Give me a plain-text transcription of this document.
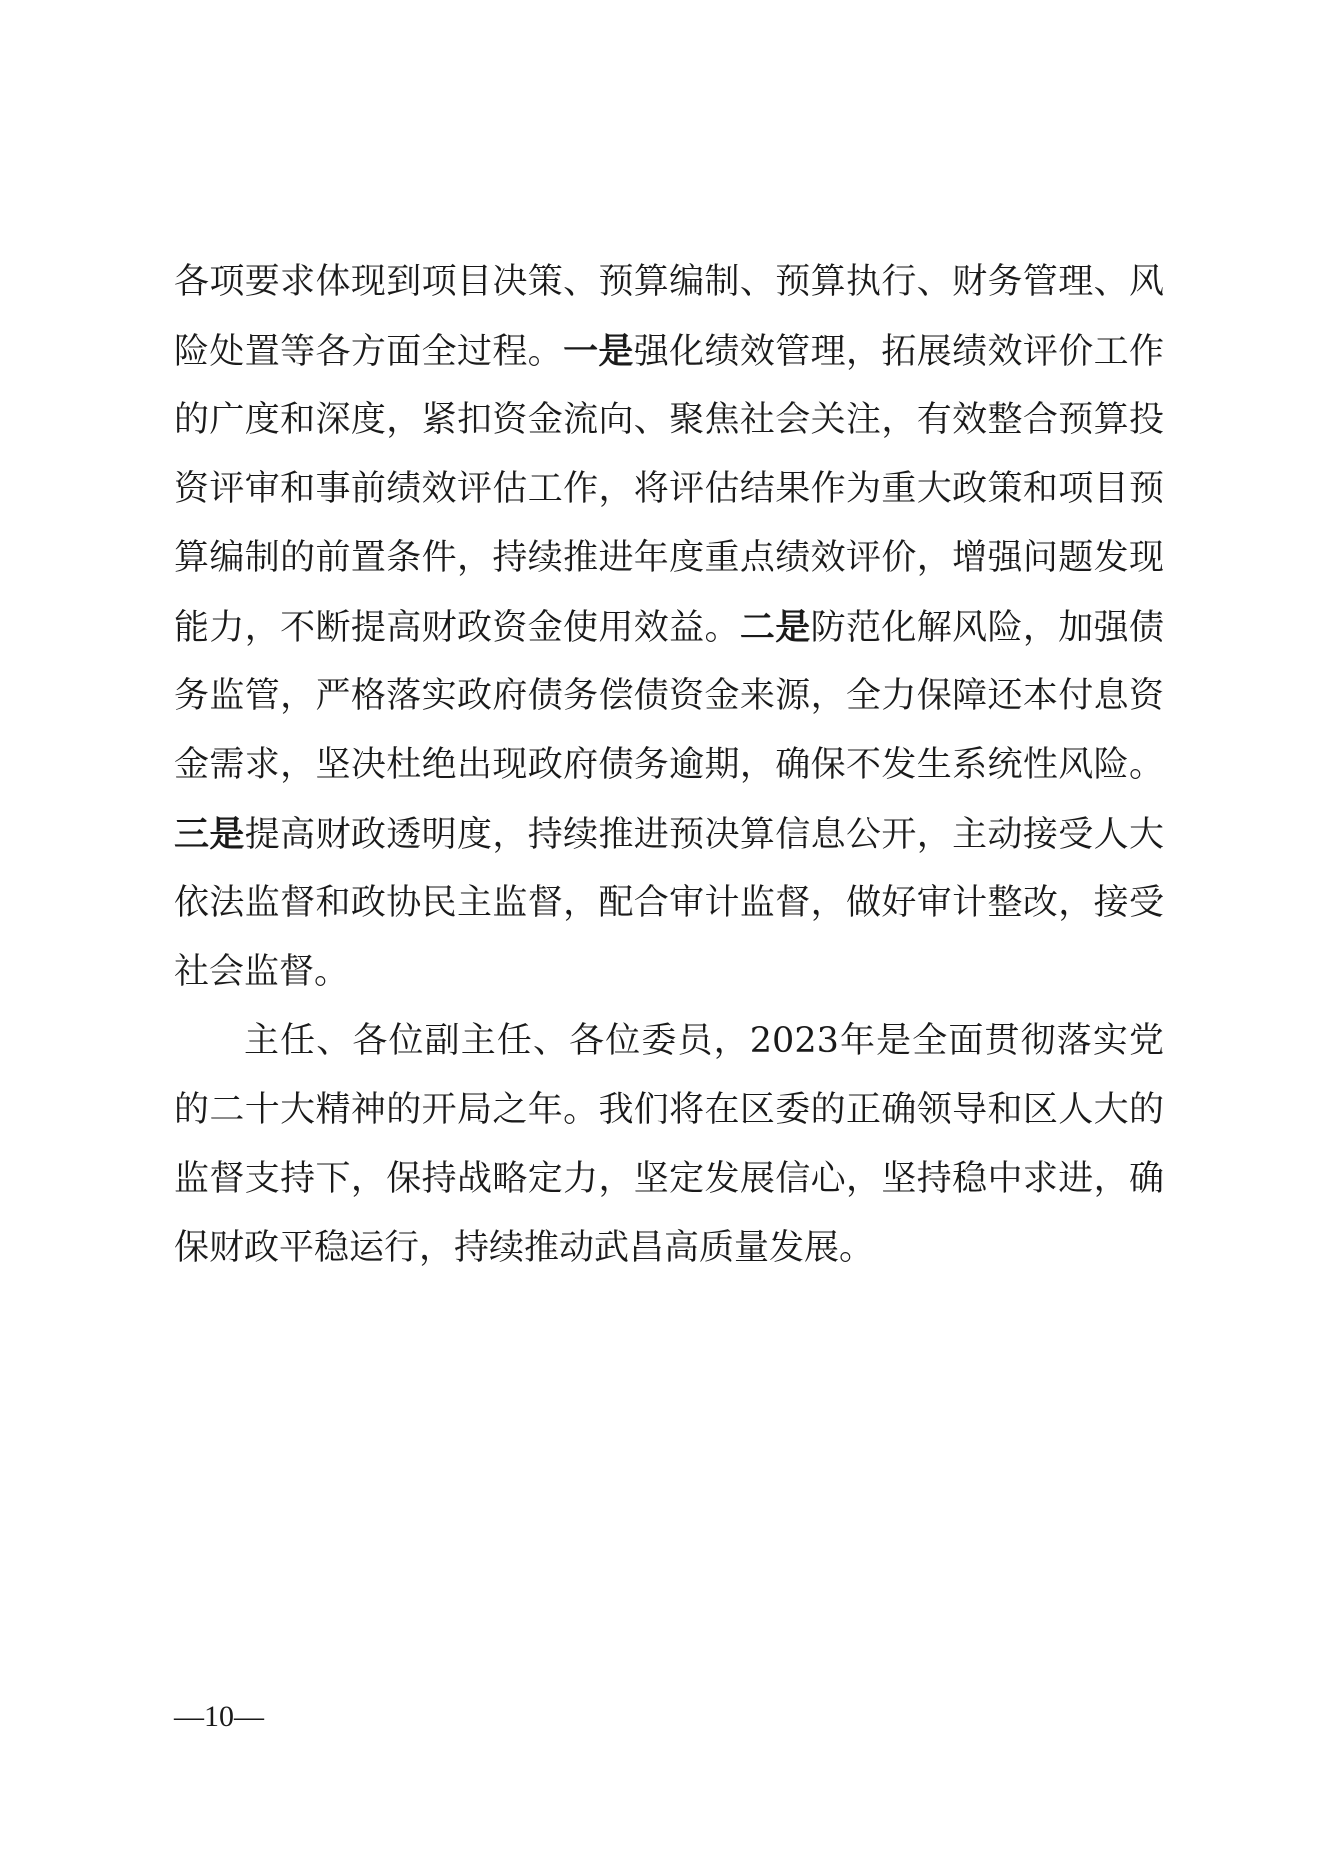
各项要求体现到项目决策、预算编制、预算执行、财务管理、风
险处置等各方面全过程。一是强化绩效管理，拓展绩效评价工作
的广度和深度，紧扣资金流向、聚焦社会关注，有效整合预算投
资评审和事前绩效评估工作，将评估结果作为重大政策和项目预
算编制的前置条件，持续推进年度重点绩效评价，增强问题发现
能力，不断提高财政资金使用效益。二是防范化解风险，加强债
务监管，严格落实政府债务偿债资金来源，全力保障还本付息资
金需求，坚决杜绝出现政府债务逾期，确保不发生系统性风险。
三是提高财政透明度，持续推进预决算信息公开，主动接受人大
依法监督和政协民主监督，配合审计监督，做好审计整改，接受
社会监督。
主任、各位副主任、各位委员，2023年是全面贯彻落实党
的二十大精神的开局之年。我们将在区委的正确领导和区人大的
监督支持下，保持战略定力，坚定发展信心，坚持稳中求进，确
保财政平稳运行，持续推动武昌高质量发展。
—10—
